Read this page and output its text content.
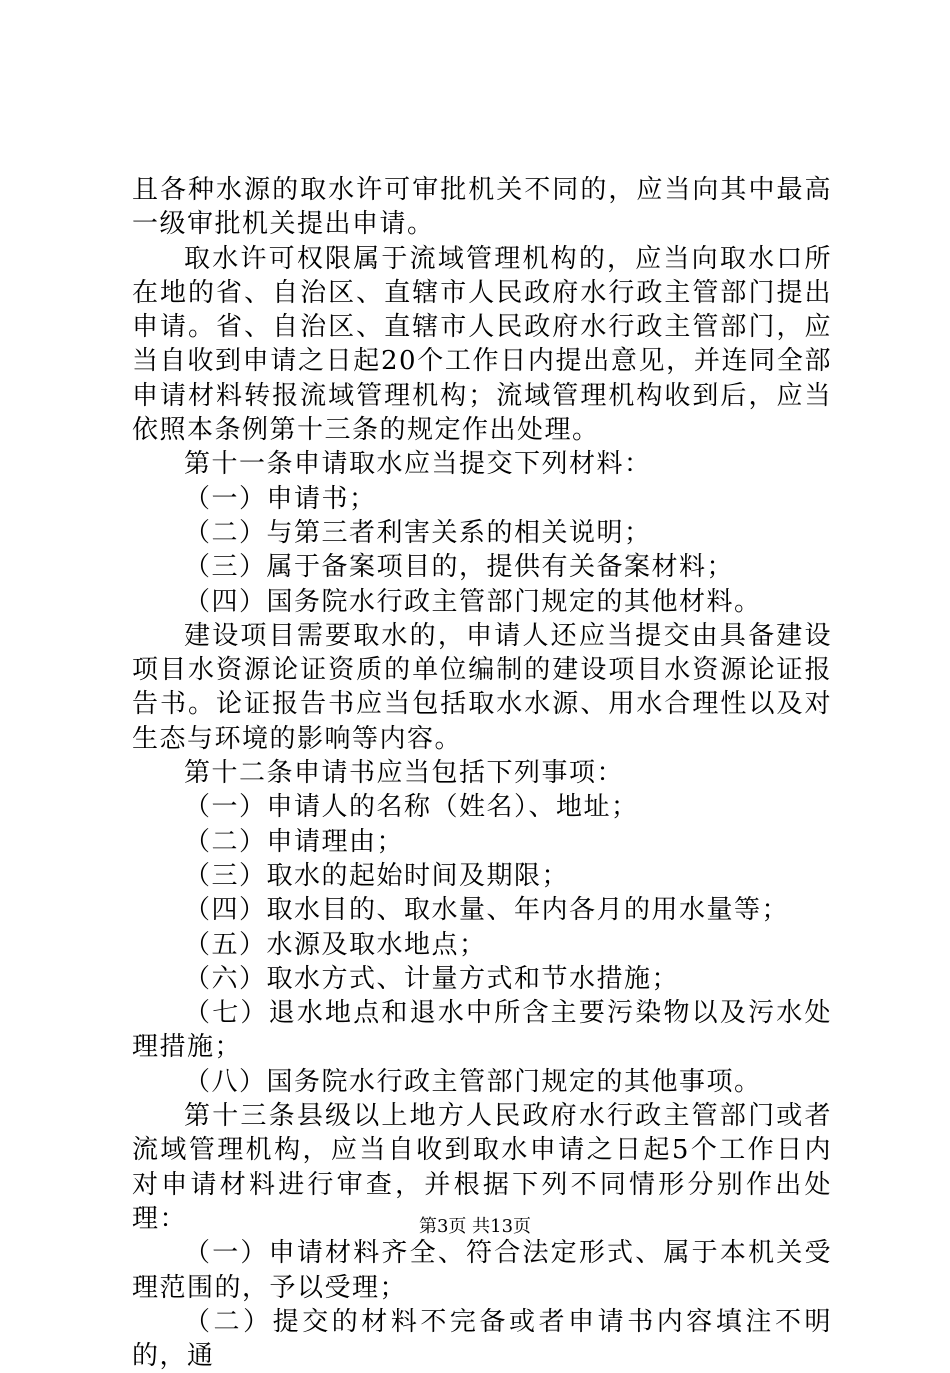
且各种水源的取水许可审批机关不同的，应当向其中最高一级审批机关提出申请。

取水许可权限属于流域管理机构的，应当向取水口所在地的省、自治区、直辖市人民政府水行政主管部门提出申请。省、自治区、直辖市人民政府水行政主管部门，应当自收到申请之日起20个工作日内提出意见，并连同全部申请材料转报流域管理机构；流域管理机构收到后，应当依照本条例第十三条的规定作出处理。

第十一条申请取水应当提交下列材料：

（一）申请书；

（二）与第三者利害关系的相关说明；

（三）属于备案项目的，提供有关备案材料；

（四）国务院水行政主管部门规定的其他材料。

建设项目需要取水的，申请人还应当提交由具备建设项目水资源论证资质的单位编制的建设项目水资源论证报告书。论证报告书应当包括取水水源、用水合理性以及对生态与环境的影响等内容。

第十二条申请书应当包括下列事项：

（一）申请人的名称（姓名）、地址；

（二）申请理由；

（三）取水的起始时间及期限；

（四）取水目的、取水量、年内各月的用水量等；

（五）水源及取水地点；

（六）取水方式、计量方式和节水措施；

（七）退水地点和退水中所含主要污染物以及污水处理措施；

（八）国务院水行政主管部门规定的其他事项。

第十三条县级以上地方人民政府水行政主管部门或者流域管理机构，应当自收到取水申请之日起5个工作日内对申请材料进行审查，并根据下列不同情形分别作出处理：

（一）申请材料齐全、符合法定形式、属于本机关受理范围的，予以受理；

（二）提交的材料不完备或者申请书内容填注不明的，通

第3页 共13页
